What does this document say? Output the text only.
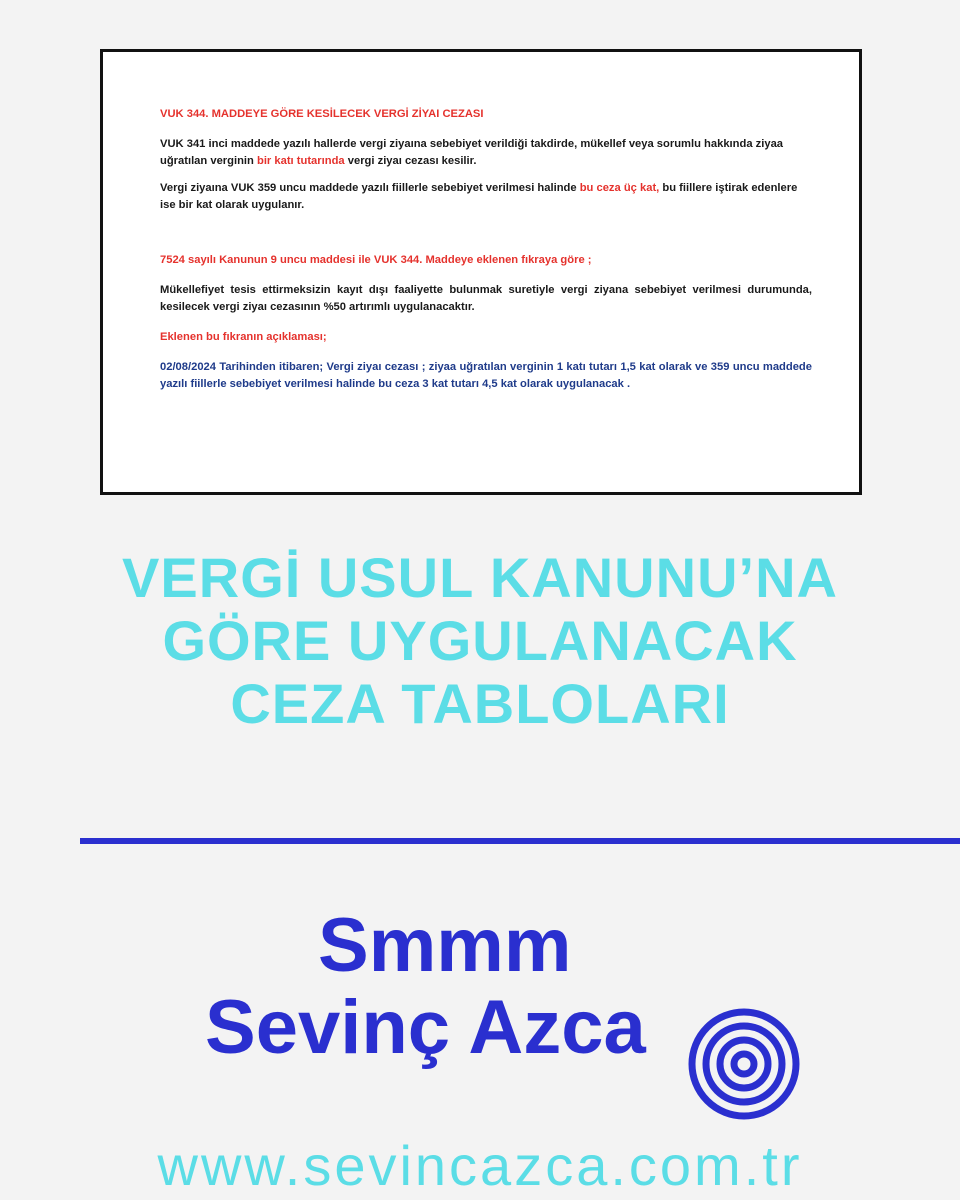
VUK 344. MADDEYE GÖRE KESİLECEK VERGİ ZİYAI CEZASI

VUK 341 inci maddede yazılı hallerde vergi ziyaına sebebiyet verildiği takdirde, mükellef veya sorumlu hakkında ziyaa uğratılan verginin bir katı tutarında vergi ziyaı cezası kesilir.

Vergi ziyaına VUK 359 uncu maddede yazılı fiillerle sebebiyet verilmesi halinde bu ceza üç kat, bu fiillere iştirak edenlere ise bir kat olarak uygulanır.

7524 sayılı Kanunun 9 uncu maddesi ile VUK 344. Maddeye eklenen fıkraya göre ;

Mükellefiyet tesis ettirmeksizin kayıt dışı faaliyette bulunmak suretiyle vergi ziyana sebebiyet verilmesi durumunda, kesilecek vergi ziyaı cezasının %50 artırımlı uygulanacaktır.

Eklenen bu fıkranın açıklaması;

02/08/2024 Tarihinden itibaren; Vergi ziyaı cezası ; ziyaa uğratılan verginin 1 katı tutarı 1,5 kat olarak ve 359 uncu maddede yazılı fiillerle sebebiyet verilmesi halinde bu ceza 3 kat tutarı 4,5 kat olarak uygulanacak .

VERGİ USUL KANUNU’NA
GÖRE UYGULANACAK
CEZA TABLOLARI
Smmm
Sevinç Azca
www.sevincazca.com.tr
